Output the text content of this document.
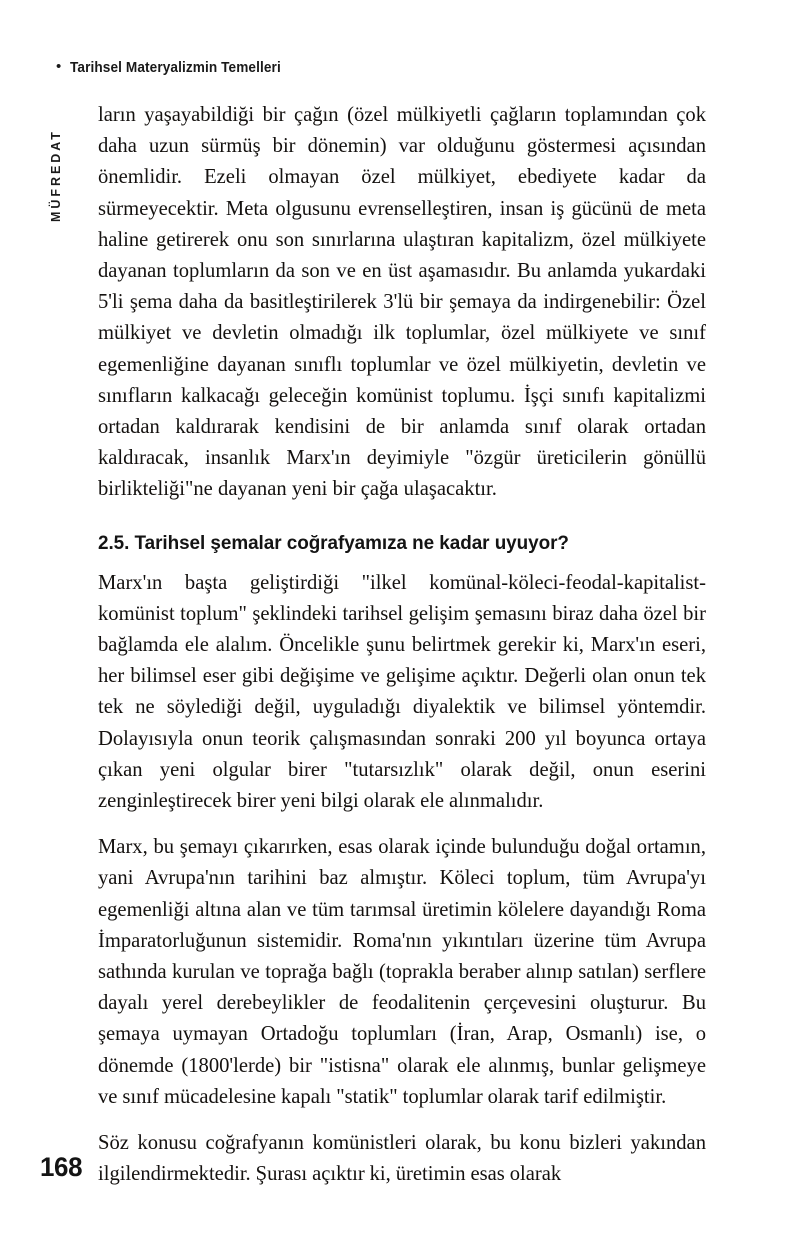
• Tarihsel Materyalizmin Temelleri
MÜFREDAT

ların yaşayabildiği bir çağın (özel mülkiyetli çağların toplamından çok daha uzun sürmüş bir dönemin) var olduğunu göstermesi açısından önemlidir. Ezeli olmayan özel mülkiyet, ebediyete kadar da sürmeyecektir. Meta olgusunu evrenselleştiren, insan iş gücünü de meta haline getirerek onu son sınırlarına ulaştıran kapitalizm, özel mülkiyete dayanan toplumların da son ve en üst aşamasıdır. Bu anlamda yukardaki 5'li şema daha da basitleştirilerek 3'lü bir şemaya da indirgenebilir: Özel mülkiyet ve devletin olmadığı ilk toplumlar, özel mülkiyete ve sınıf egemenliğine dayanan sınıflı toplumlar ve özel mülkiyetin, devletin ve sınıfların kalkacağı geleceğin komünist toplumu. İşçi sınıfı kapitalizmi ortadan kaldırarak kendisini de bir anlamda sınıf olarak ortadan kaldıracak, insanlık Marx'ın deyimiyle "özgür üreticilerin gönüllü birlikteliği"ne dayanan yeni bir çağa ulaşacaktır.

2.5. Tarihsel şemalar coğrafyamıza ne kadar uyuyor?

Marx'ın başta geliştirdiği "ilkel komünal-köleci-feodal-kapitalist-komünist toplum" şeklindeki tarihsel gelişim şemasını biraz daha özel bir bağlamda ele alalım. Öncelikle şunu belirtmek gerekir ki, Marx'ın eseri, her bilimsel eser gibi değişime ve gelişime açıktır. Değerli olan onun tek tek ne söylediği değil, uyguladığı diyalektik ve bilimsel yöntemdir. Dolayısıyla onun teorik çalışmasından sonraki 200 yıl boyunca ortaya çıkan yeni olgular birer "tutarsızlık" olarak değil, onun eserini zenginleştirecek birer yeni bilgi olarak ele alınmalıdır.

Marx, bu şemayı çıkarırken, esas olarak içinde bulunduğu doğal ortamın, yani Avrupa'nın tarihini baz almıştır. Köleci toplum, tüm Avrupa'yı egemenliği altına alan ve tüm tarımsal üretimin kölelere dayandığı Roma İmparatorluğunun sistemidir. Roma'nın yıkıntıları üzerine tüm Avrupa sathında kurulan ve toprağa bağlı (toprakla beraber alınıp satılan) serflere dayalı yerel derebeylikler de feodalitenin çerçevesini oluşturur. Bu şemaya uymayan Ortadoğu toplumları (İran, Arap, Osmanlı) ise, o dönemde (1800'lerde) bir "istisna" olarak ele alınmış, bunlar gelişmeye ve sınıf mücadelesine kapalı "statik" toplumlar olarak tarif edilmiştir.

Söz konusu coğrafyanın komünistleri olarak, bu konu bizleri yakından ilgilendirmektedir. Şurası açıktır ki, üretimin esas olarak

168
